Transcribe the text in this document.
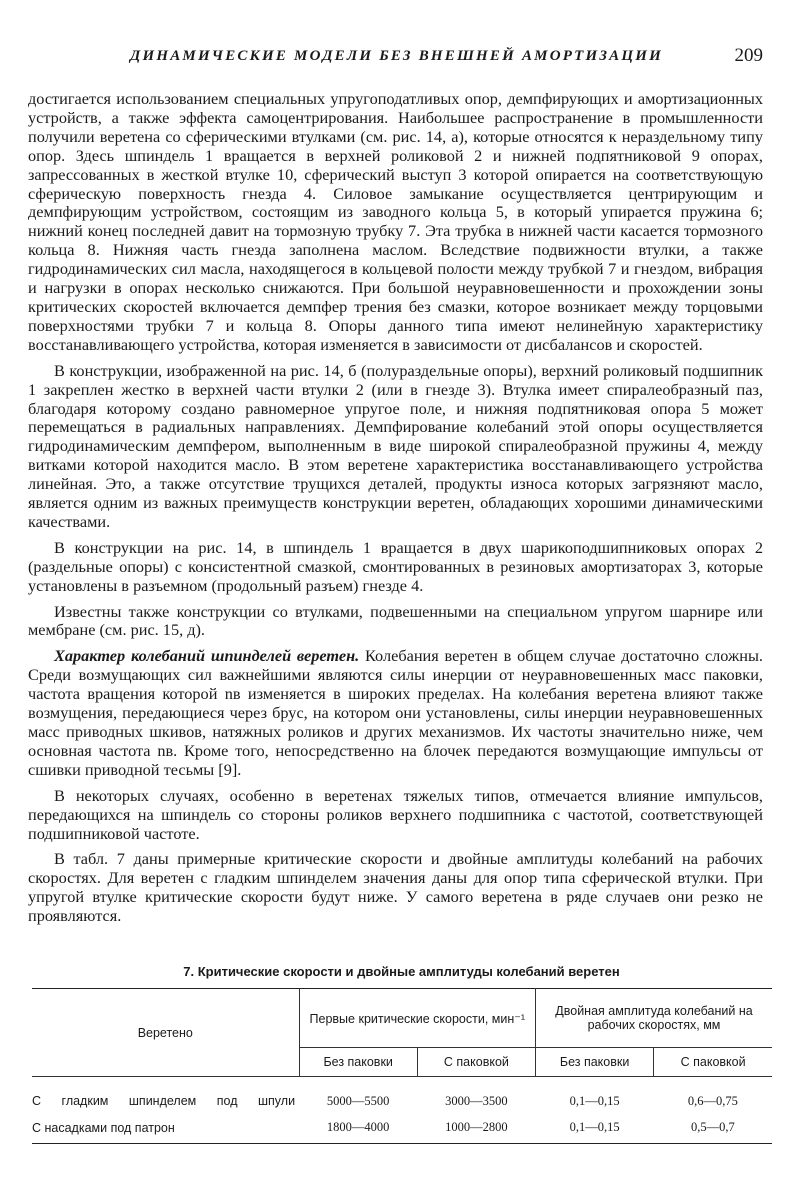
ДИНАМИЧЕСКИЕ МОДЕЛИ БЕЗ ВНЕШНЕЙ АМОРТИЗАЦИИ	209

достигается использованием специальных упругоподатливых опор, демпфирующих и амортизационных устройств, а также эффекта самоцентрирования. Наибольшее распространение в промышленности получили веретена со сферическими втулками (см. рис. 14, а), которые относятся к нераздельному типу опор. Здесь шпиндель 1 вращается в верхней роликовой 2 и нижней подпятниковой 9 опорах, запрессованных в жесткой втулке 10, сферический выступ 3 которой опирается на соответствующую сферическую поверхность гнезда 4. Силовое замыкание осуществляется центрирующим и демпфирующим устройством, состоящим из заводного кольца 5, в который упирается пружина 6; нижний конец последней давит на тормозную трубку 7. Эта трубка в нижней части касается тормозного кольца 8. Нижняя часть гнезда заполнена маслом. Вследствие подвижности втулки, а также гидродинамических сил масла, находящегося в кольцевой полости между трубкой 7 и гнездом, вибрация и нагрузки в опорах несколько снижаются. При большой неуравновешенности и прохождении зоны критических скоростей включается демпфер трения без смазки, которое возникает между торцовыми поверхностями трубки 7 и кольца 8. Опоры данного типа имеют нелинейную характеристику восстанавливающего устройства, которая изменяется в зависимости от дисбалансов и скоростей.

В конструкции, изображенной на рис. 14, б (полураздельные опоры), верхний роликовый подшипник 1 закреплен жестко в верхней части втулки 2 (или в гнезде 3). Втулка имеет спиралеобразный паз, благодаря которому создано равномерное упругое поле, и нижняя подпятниковая опора 5 может перемещаться в радиальных направлениях. Демпфирование колебаний этой опоры осуществляется гидродинамическим демпфером, выполненным в виде широкой спиралеобразной пружины 4, между витками которой находится масло. В этом веретене характеристика восстанавливающего устройства линейная. Это, а также отсутствие трущихся деталей, продукты износа которых загрязняют масло, является одним из важных преимуществ конструкции веретен, обладающих хорошими динамическими качествами.

В конструкции на рис. 14, в шпиндель 1 вращается в двух шарикоподшипниковых опорах 2 (раздельные опоры) с консистентной смазкой, смонтированных в резиновых амортизаторах 3, которые установлены в разъемном (продольный разъем) гнезде 4.

Известны также конструкции со втулками, подвешенными на специальном упругом шарнире или мембране (см. рис. 15, д).

Характер колебаний шпинделей веретен. Колебания веретен в общем случае достаточно сложны. Среди возмущающих сил важнейшими являются силы инерции от неуравновешенных масс паковки, частота вращения которой nв изменяется в широких пределах. На колебания веретена влияют также возмущения, передающиеся через брус, на котором они установлены, силы инерции неуравновешенных масс приводных шкивов, натяжных роликов и других механизмов. Их частоты значительно ниже, чем основная частота nв. Кроме того, непосредственно на блочек передаются возмущающие импульсы от сшивки приводной тесьмы [9].

В некоторых случаях, особенно в веретенах тяжелых типов, отмечается влияние импульсов, передающихся на шпиндель со стороны роликов верхнего подшипника с частотой, соответствующей подшипниковой частоте.

В табл. 7 даны примерные критические скорости и двойные амплитуды колебаний на рабочих скоростях. Для веретен с гладким шпинделем значения даны для опор типа сферической втулки. При упругой втулке критические скорости будут ниже. У самого веретена в ряде случаев они резко не проявляются.

7. Критические скорости и двойные амплитуды колебаний веретен
Веретено	Первые критические скорости, мин⁻¹		Двойная амплитуда колебаний на рабочих скоростях, мм	
	Без паковки	С паковкой	Без паковки	С паковкой
С гладким шпинделем под шпули	5000—5500	3000—3500	0,1—0,15	0,6—0,75
С насадками под патрон	1800—4000	1000—2800	0,1—0,15	0,5—0,7
